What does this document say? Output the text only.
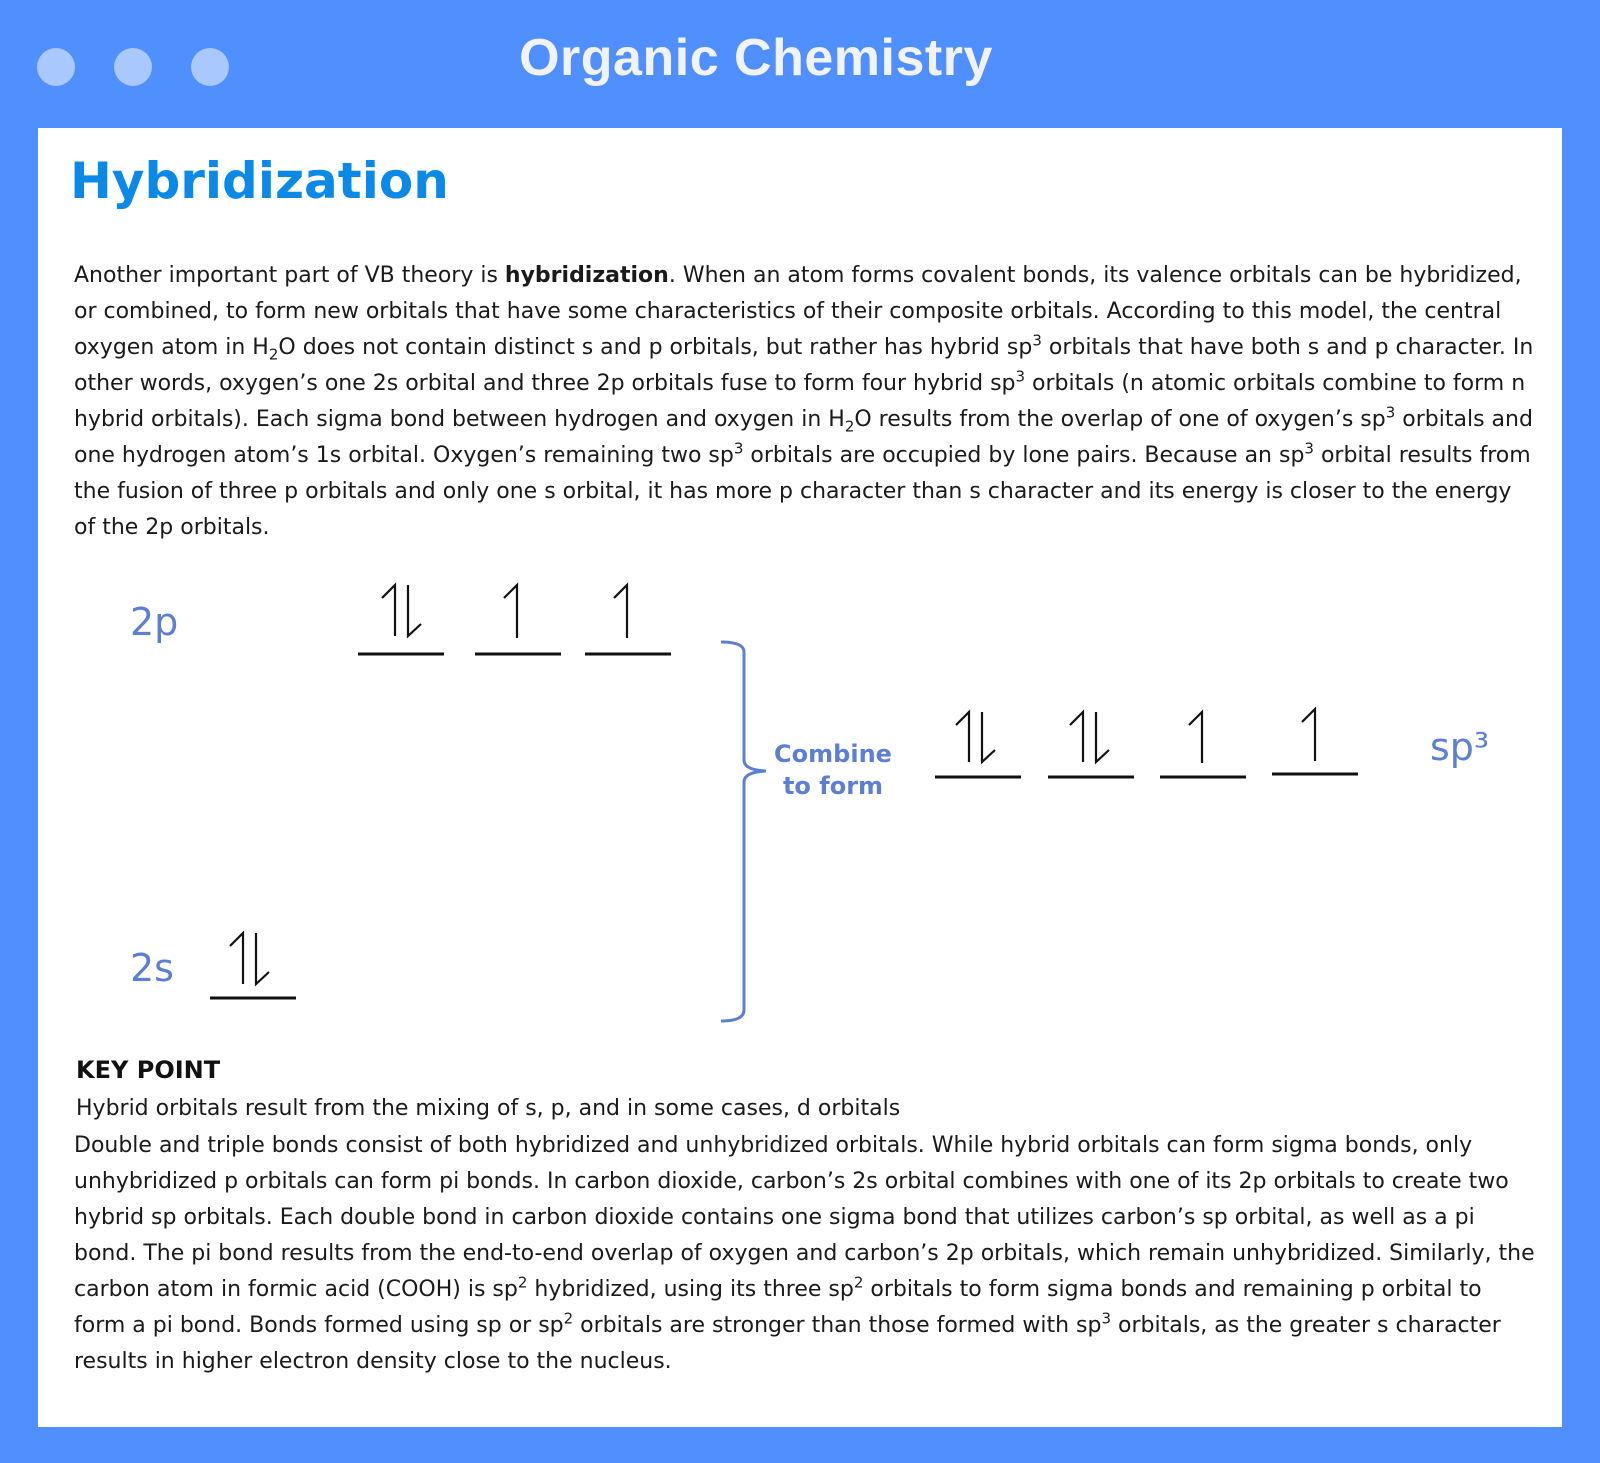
Organic Chemistry
Hybridization

Another important part of VB theory is hybridization. When an atom forms covalent bonds, its valence orbitals can be hybridized, or combined, to form new orbitals that have some characteristics of their composite orbitals. According to this model, the central oxygen atom in $H_2O$ does not contain distinct s and p orbitals, but rather has hybrid $sp^3$ orbitals that have both s and p character. In other words, oxygen’s one 2s orbital and three 2p orbitals fuse to form four hybrid $sp^3$ orbitals (n atomic orbitals combine to form n hybrid orbitals). Each sigma bond between hydrogen and oxygen in $H_2O$ results from the overlap of one of oxygen’s $sp^3$ orbitals and one hydrogen atom’s 1s orbital. Oxygen’s remaining two $sp^3$ orbitals are occupied by lone pairs. Because an $sp^3$ orbital results from the fusion of three p orbitals and only one s orbital, it has more p character than s character and its energy is closer to the energy of the 2p orbitals.

2p
2s
sp³
Combine
to form
KEY POINT
Hybrid orbitals result from the mixing of s, p, and in some cases, d orbitals

Double and triple bonds consist of both hybridized and unhybridized orbitals. While hybrid orbitals can form sigma bonds, only unhybridized p orbitals can form pi bonds. In carbon dioxide, carbon’s 2s orbital combines with one of its 2p orbitals to create two hybrid sp orbitals. Each double bond in carbon dioxide contains one sigma bond that utilizes carbon’s sp orbital, as well as a pi bond. The pi bond results from the end-to-end overlap of oxygen and carbon’s 2p orbitals, which remain unhybridized. Similarly, the carbon atom in formic acid (COOH) is $sp^2$ hybridized, using its three $sp^2$ orbitals to form sigma bonds and remaining p orbital to form a pi bond. Bonds formed using sp or $sp^2$ orbitals are stronger than those formed with $sp^3$ orbitals, as the greater s character results in higher electron density close to the nucleus.
